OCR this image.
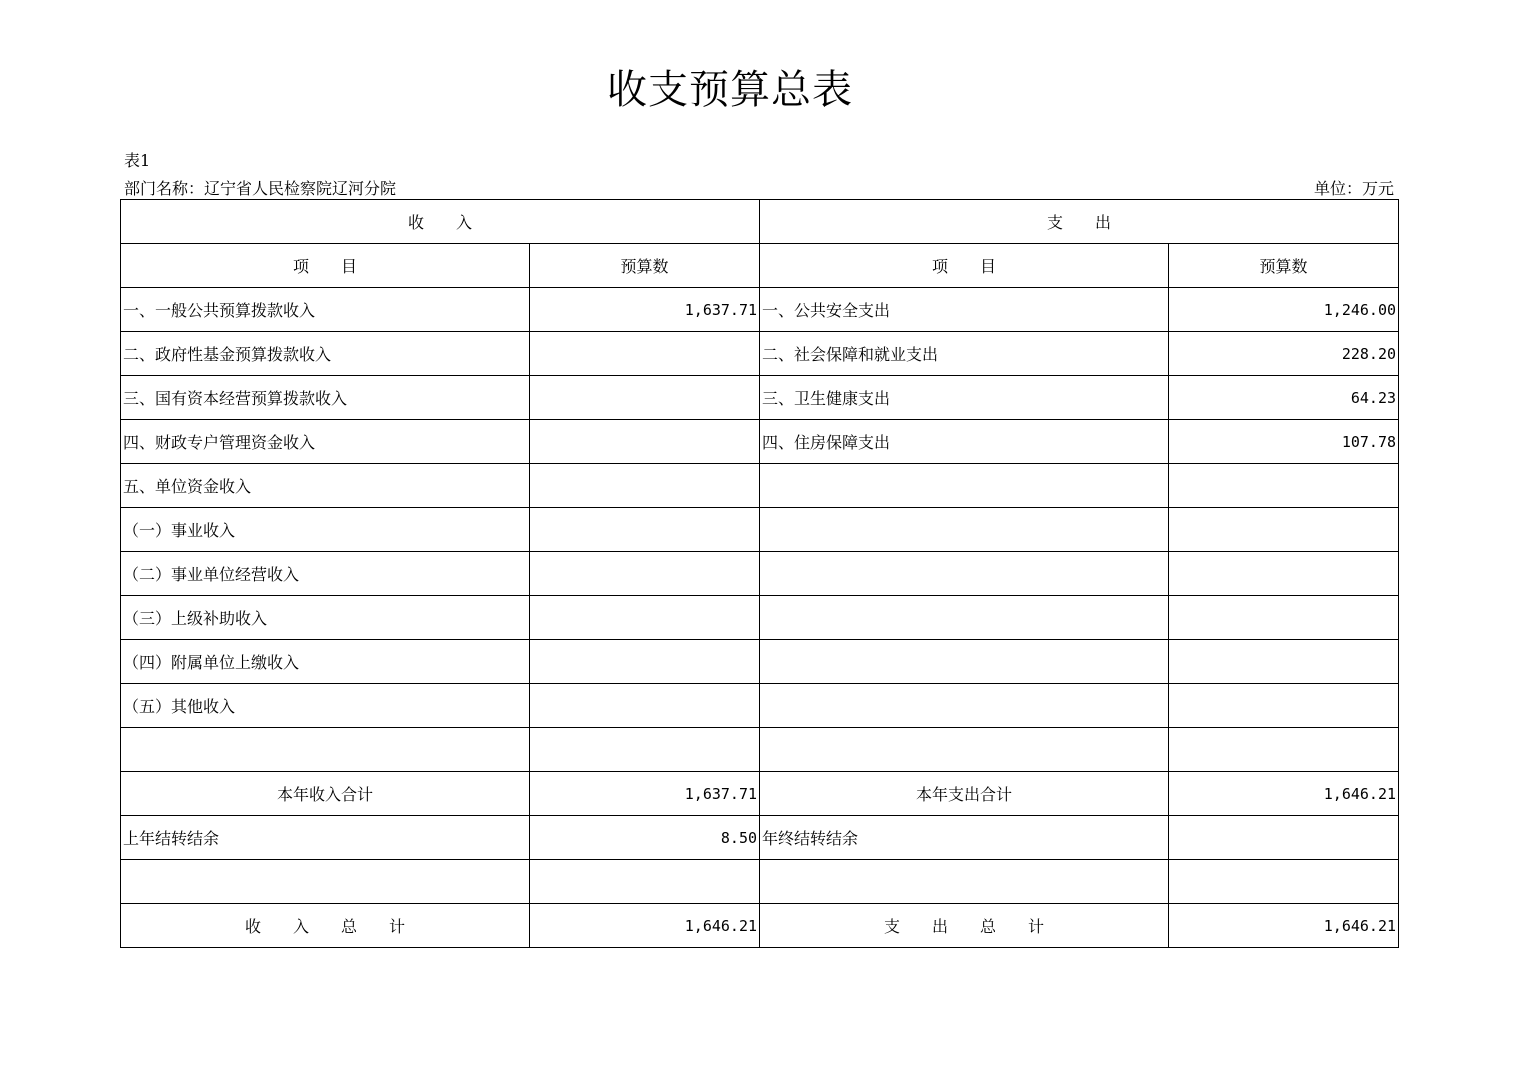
收支预算总表
表1
部门名称：辽宁省人民检察院辽河分院	单位：万元
收　　入		支　　出	
项　　目	预算数	项　　目	预算数
一、一般公共预算拨款收入	1,637.71	一、公共安全支出	1,246.00
二、政府性基金预算拨款收入		二、社会保障和就业支出	228.20
三、国有资本经营预算拨款收入		三、卫生健康支出	64.23
四、财政专户管理资金收入		四、住房保障支出	107.78
五、单位资金收入			
（一）事业收入			
（二）事业单位经营收入			
（三）上级补助收入			
（四）附属单位上缴收入			
（五）其他收入			

本年收入合计	1,637.71	本年支出合计	1,646.21
上年结转结余	8.50	年终结转结余	

收　　入　　总　　计	1,646.21	支　　出　　总　　计	1,646.21
